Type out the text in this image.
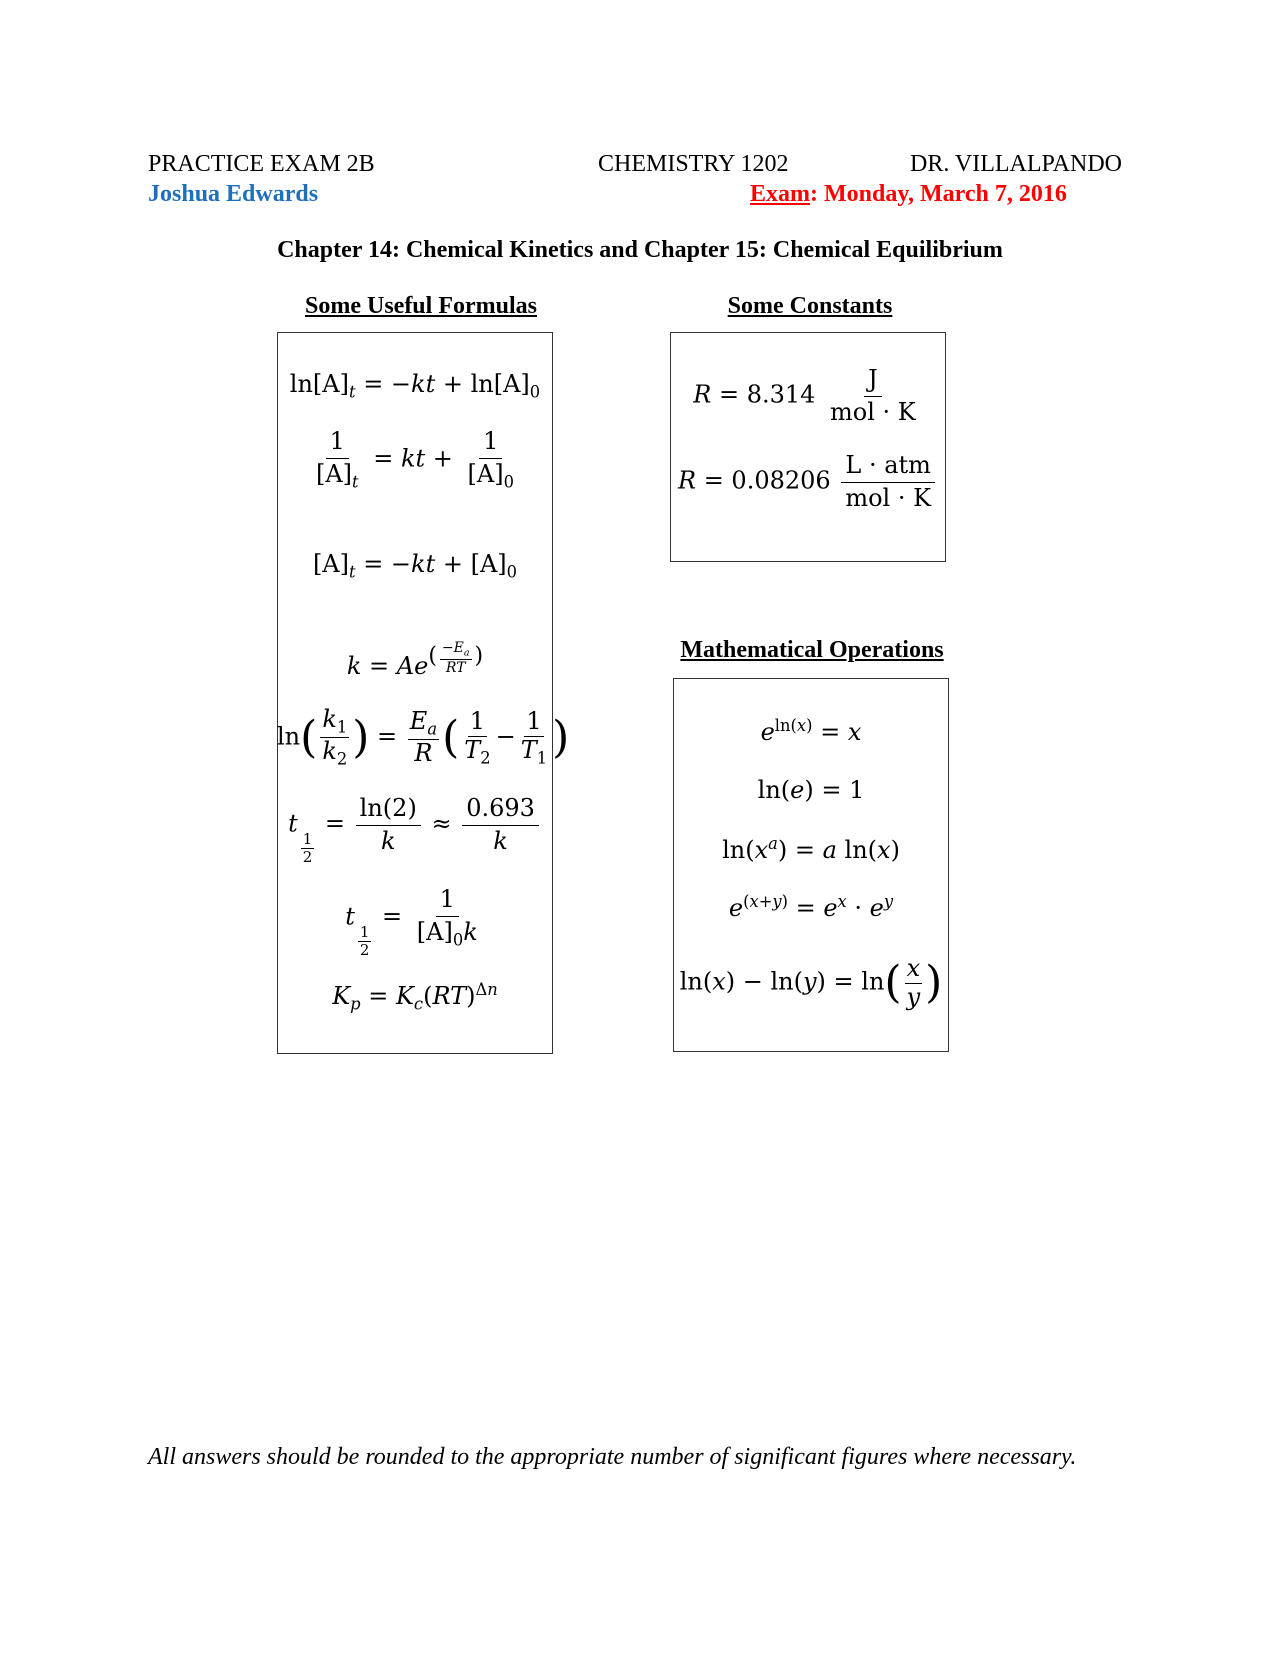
PRACTICE EXAM 2B	CHEMISTRY 1202	DR. VILLALPANDO
Joshua Edwards	Exam: Monday, March 7, 2016
Chapter 14: Chemical Kinetics and Chapter 15: Chemical Equilibrium
Some Useful Formulas	Some Constants
Mathematical Operations
$\ln[A]_t = -kt + \ln[A]_0$
$\frac{1}{[A]_t}$ = kt + $\frac{1}{[A]_0}$
$[A]_t = -kt + [A]_0$
$k = Ae( \frac{-E_a}{RT}$ )
$\ln( \frac{k_1}{k_2}$ ) = $\frac{E_a}{R}$ ( $\frac{1}{T_2} - \frac{1}{T_1}$ )
t
$\frac{1}{2}$
= $\frac{\ln(2)}{k} \approx \frac{0.693}{k}$
t
$\frac{1}{2}$
= $\frac{1}{[A]_0k}$
$K_p = K_c(RT)^{\Delta n}$
$R = 8.314 \frac{J}{\text{mol · K}}$
$R = 0.08206 \frac{\text{L · atm}}{\text{mol · K}}$
$e^{ln(x)} = x$
ln(e) = 1
$\ln(x^a) = a$ ln(x)
$e^{(x+y)} = e^x \cdot e^y$
$\ln(x) - \ln(y) = \ln( \frac{x}{y}$ )
All answers should be rounded to the appropriate number of significant figures where necessary.
